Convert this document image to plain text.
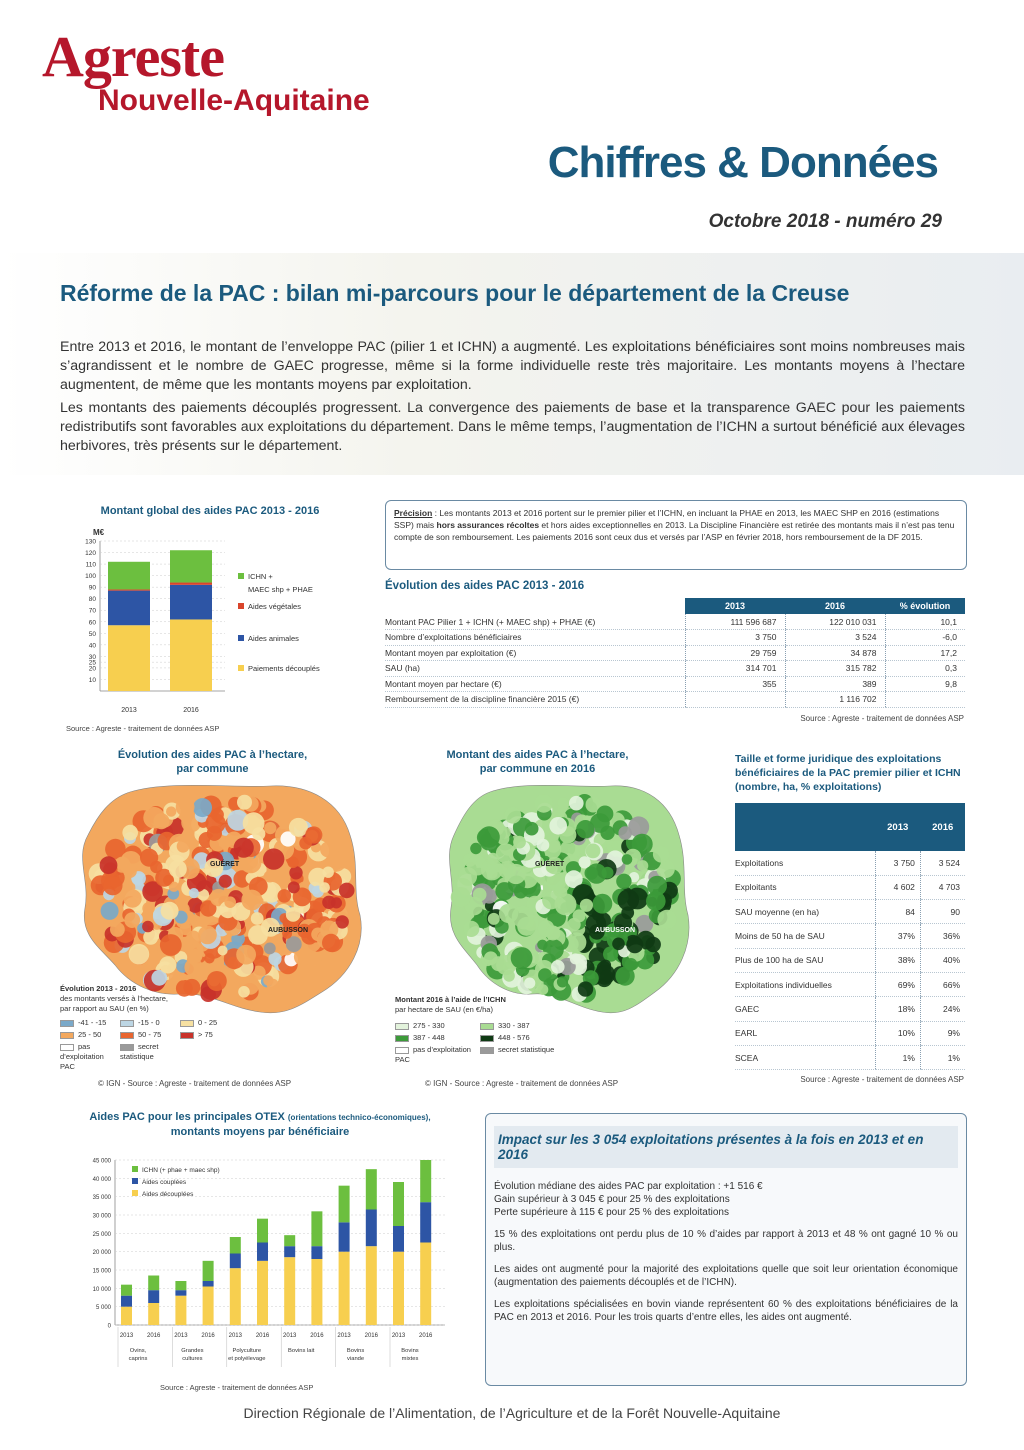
Agreste
Nouvelle-Aquitaine
Chiffres & Données
Octobre 2018 - numéro 29
Réforme de la PAC : bilan mi-parcours pour le département de la Creuse

Entre 2013 et 2016, le montant de l’enveloppe PAC (pilier 1 et ICHN) a augmenté. Les exploitations bénéficiaires sont moins nombreuses mais s’agrandissent et le nombre de GAEC progresse, même si la forme individuelle reste très majoritaire. Les montants moyens à l’hectare augmentent, de même que les montants moyens par exploitation.

Les montants des paiements découplés progressent. La convergence des paiements de base et la transparence GAEC pour les paiements redistributifs sont favorables aux exploitations du département. Dans le même temps, l’augmentation de l’ICHN a surtout bénéficié aux élevages herbivores, très présents sur le département.

Montant global des aides PAC 2013 - 2016
M€
Source : Agreste - traitement de données ASP
10
20
25
30
40
50
60
70
80
90
100
110
120
130
2013	2016
ICHN +
MAEC shp + PHAE
Aides végétales
Aides animales
Paiements découplés
Précision : Les montants 2013 et 2016 portent sur le premier pilier et l’ICHN, en incluant la PHAE en 2013, les MAEC SHP en 2016 (estimations SSP) mais hors assurances récoltes et hors aides exceptionnelles en 2013. La Discipline Financière est retirée des montants mais il n’est pas tenu compte de son remboursement. Les paiements 2016 sont ceux dus et versés par l’ASP en février 2018, hors remboursement de la DF 2015.
Évolution des aides PAC 2013 - 2016
	2013	2016	% évolution
Montant PAC Pilier 1 + ICHN (+ MAEC shp) + PHAE (€)	111 596 687	122 010 031	10,1
Nombre d’exploitations bénéficiaires	3 750	3 524	-6,0
Montant moyen par exploitation (€)	29 759	34 878	17,2
SAU (ha)	314 701	315 782	0,3
Montant moyen par hectare (€)	355	389	9,8
Remboursement de la discipline financière 2015 (€)		1 116 702	
Source : Agreste - traitement de données ASP
Évolution des aides PAC à l’hectare,
par commune
GUÉRET
AUBUSSON
Évolution 2013 - 2016
des montants versés à l’hectare,
par rapport au SAU (en %)
-41 - -15	-15 - 0	0 - 25
25 - 50	50 - 75	> 75
pas d’exploitation PAC
secret statistique
© IGN - Source : Agreste - traitement de données ASP
Montant des aides PAC à l’hectare,
par commune en 2016
GUÉRET
AUBUSSON
Montant 2016 à l’aide de l’ICHN
par hectare de SAU (en €/ha)
275 - 330	330 - 387
387 - 448	448 - 576
pas d’exploitation PAC
secret statistique
© IGN - Source : Agreste - traitement de données ASP
Taille et forme juridique des exploitations bénéficiaires de la PAC premier pilier et ICHN (nombre, ha, % exploitations)
	2013	2016
Exploitations	3 750	3 524
Exploitants	4 602	4 703
SAU moyenne (en ha)	84	90
Moins de 50 ha de SAU	37%	36%
Plus de 100 ha de SAU	38%	40%
Exploitations individuelles	69%	66%
GAEC	18%	24%
EARL	10%	9%
SCEA	1%	1%
Source : Agreste - traitement de données ASP
Aides PAC pour les principales OTEX (orientations technico-économiques),
montants moyens par bénéficiaire
Source : Agreste - traitement de données ASP
0
5 000
10 000
15 000
20 000
25 000
30 000
35 000
40 000
45 000
2013 2016 2013 2016 2013 2016 2013 2016 2013 2016 2013 2016
Ovins,
caprins
Grandes
cultures
Polyculture
et polyélevage
Bovins lait	Bovins
viande
Bovins
mixtes
ICHN (+ phae + maec shp)
Aides couplées
Aides découplées
Impact sur les 3 054 exploitations présentes à la fois en 2013 et en 2016

Évolution médiane des aides PAC par exploitation : +1 516 €
Gain supérieur à 3 045 € pour 25 % des exploitations
Perte supérieure à 115 € pour 25 % des exploitations

15 % des exploitations ont perdu plus de 10 % d’aides par rapport à 2013 et 48 % ont gagné 10 % ou plus.

Les aides ont augmenté pour la majorité des exploitations quelle que soit leur orientation économique (augmentation des paiements découplés et de l’ICHN).

Les exploitations spécialisées en bovin viande représentent 60 % des exploitations bénéficiaires de la PAC en 2013 et 2016. Pour les trois quarts d’entre elles, les aides ont augmenté.

Direction Régionale de l’Alimentation, de l’Agriculture et de la Forêt Nouvelle-Aquitaine
